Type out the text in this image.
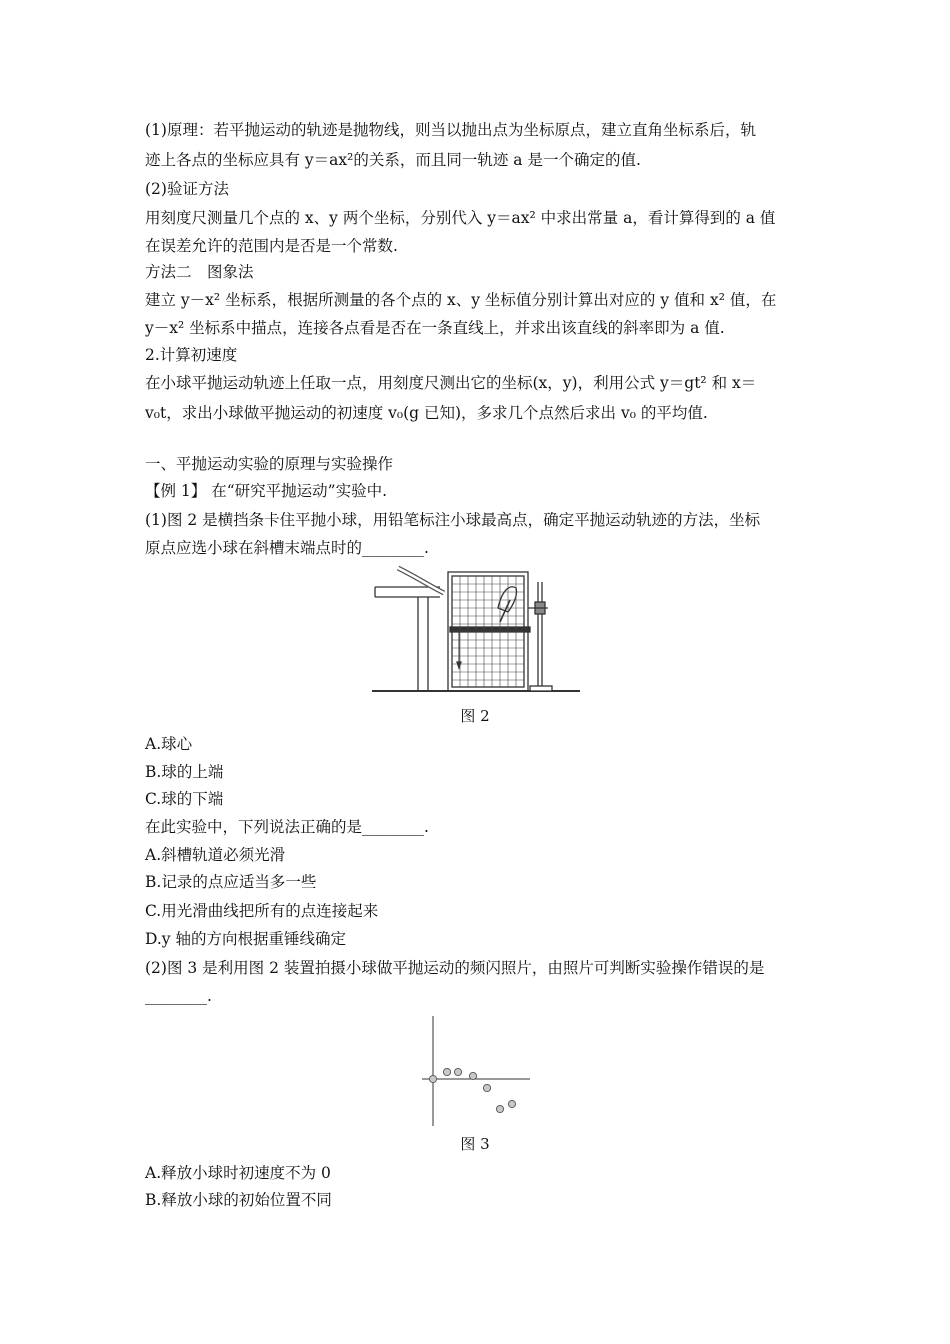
(1)原理：若平抛运动的轨迹是抛物线，则当以抛出点为坐标原点，建立直角坐标系后，轨
迹上各点的坐标应具有 y＝ax²的关系，而且同一轨迹 a 是一个确定的值.
(2)验证方法
用刻度尺测量几个点的 x、y 两个坐标，分别代入 y＝ax² 中求出常量 a，看计算得到的 a 值
在误差允许的范围内是否是一个常数.
方法二　图象法
建立 y－x² 坐标系，根据所测量的各个点的 x、y 坐标值分别计算出对应的 y 值和 x² 值，在
y－x² 坐标系中描点，连接各点看是否在一条直线上，并求出该直线的斜率即为 a 值.
2.计算初速度
在小球平抛运动轨迹上任取一点，用刻度尺测出它的坐标(x，y)，利用公式 y＝gt² 和 x＝
v₀t，求出小球做平抛运动的初速度 v₀(g 已知)，多求几个点然后求出 v₀ 的平均值.
一、平抛运动实验的原理与实验操作
【例 1】 在“研究平抛运动”实验中.
(1)图 2 是横挡条卡住平抛小球，用铅笔标注小球最高点，确定平抛运动轨迹的方法，坐标
原点应选小球在斜槽末端点时的________.
图 2
A.球心
B.球的上端
C.球的下端
在此实验中，下列说法正确的是________.
A.斜槽轨道必须光滑
B.记录的点应适当多一些
C.用光滑曲线把所有的点连接起来
D.y 轴的方向根据重锤线确定
(2)图 3 是利用图 2 装置拍摄小球做平抛运动的频闪照片，由照片可判断实验操作错误的是
________.
图 3
A.释放小球时初速度不为 0
B.释放小球的初始位置不同
